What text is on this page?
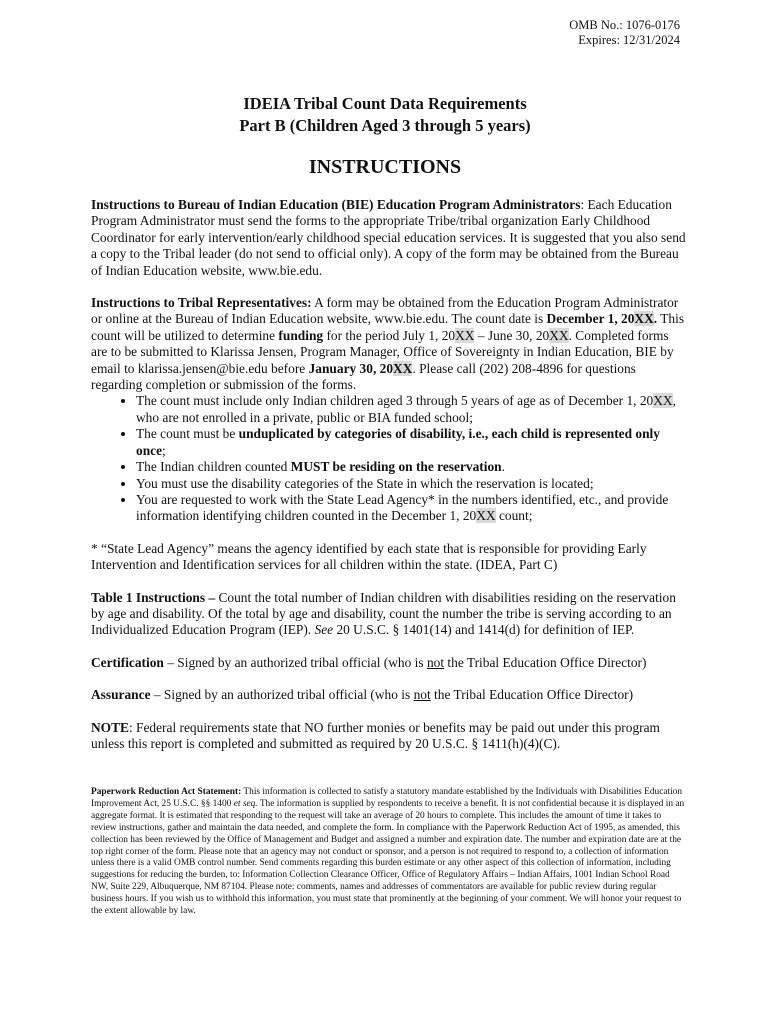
OMB No.: 1076-0176
Expires: 12/31/2024
IDEIA Tribal Count Data Requirements
Part B (Children Aged 3 through 5 years)
INSTRUCTIONS

Instructions to Bureau of Indian Education (BIE) Education Program Administrators: Each Education Program Administrator must send the forms to the appropriate Tribe/tribal organization Early Childhood Coordinator for early intervention/early childhood special education services. It is suggested that you also send a copy to the Tribal leader (do not send to official only). A copy of the form may be obtained from the Bureau of Indian Education website, www.bie.edu.

Instructions to Tribal Representatives: A form may be obtained from the Education Program Administrator or online at the Bureau of Indian Education website, www.bie.edu. The count date is December 1, 20XX. This count will be utilized to determine funding for the period July 1, 20XX – June 30, 20XX. Completed forms are to be submitted to Klarissa Jensen, Program Manager, Office of Sovereignty in Indian Education, BIE by email to klarissa.jensen@bie.edu before January 30, 20XX. Please call (202) 208-4896 for questions regarding completion or submission of the forms.

• The count must include only Indian children aged 3 through 5 years of age as of December 1, 20XX, who are not enrolled in a private, public or BIA funded school;
• The count must be unduplicated by categories of disability, i.e., each child is represented only once;
• The Indian children counted MUST be residing on the reservation.
• You must use the disability categories of the State in which the reservation is located;
• You are requested to work with the State Lead Agency* in the numbers identified, etc., and provide information identifying children counted in the December 1, 20XX count;

* “State Lead Agency” means the agency identified by each state that is responsible for providing Early Intervention and Identification services for all children within the state. (IDEA, Part C)

Table 1 Instructions – Count the total number of Indian children with disabilities residing on the reservation by age and disability. Of the total by age and disability, count the number the tribe is serving according to an Individualized Education Program (IEP). See 20 U.S.C. § 1401(14) and 1414(d) for definition of IEP.

Certification – Signed by an authorized tribal official (who is not the Tribal Education Office Director)

Assurance – Signed by an authorized tribal official (who is not the Tribal Education Office Director)

NOTE: Federal requirements state that NO further monies or benefits may be paid out under this program unless this report is completed and submitted as required by 20 U.S.C. § 1411(h)(4)(C).

Paperwork Reduction Act Statement: This information is collected to satisfy a statutory mandate established by the Individuals with Disabilities Education Improvement Act, 25 U.S.C. §§ 1400 et seq. The information is supplied by respondents to receive a benefit. It is not confidential because it is displayed in an aggregate format. It is estimated that responding to the request will take an average of 20 hours to complete. This includes the amount of time it takes to review instructions, gather and maintain the data needed, and complete the form. In compliance with the Paperwork Reduction Act of 1995, as amended, this collection has been reviewed by the Office of Management and Budget and assigned a number and expiration date. The number and expiration date are at the top right corner of the form. Please note that an agency may not conduct or sponsor, and a person is not required to respond to, a collection of information unless there is a valid OMB control number. Send comments regarding this burden estimate or any other aspect of this collection of information, including suggestions for reducing the burden, to: Information Collection Clearance Officer, Office of Regulatory Affairs – Indian Affairs, 1001 Indian School Road NW, Suite 229, Albuquerque, NM 87104. Please note: comments, names and addresses of commentators are available for public review during regular business hours. If you wish us to withhold this information, you must state that prominently at the beginning of your comment. We will honor your request to the extent allowable by law.
